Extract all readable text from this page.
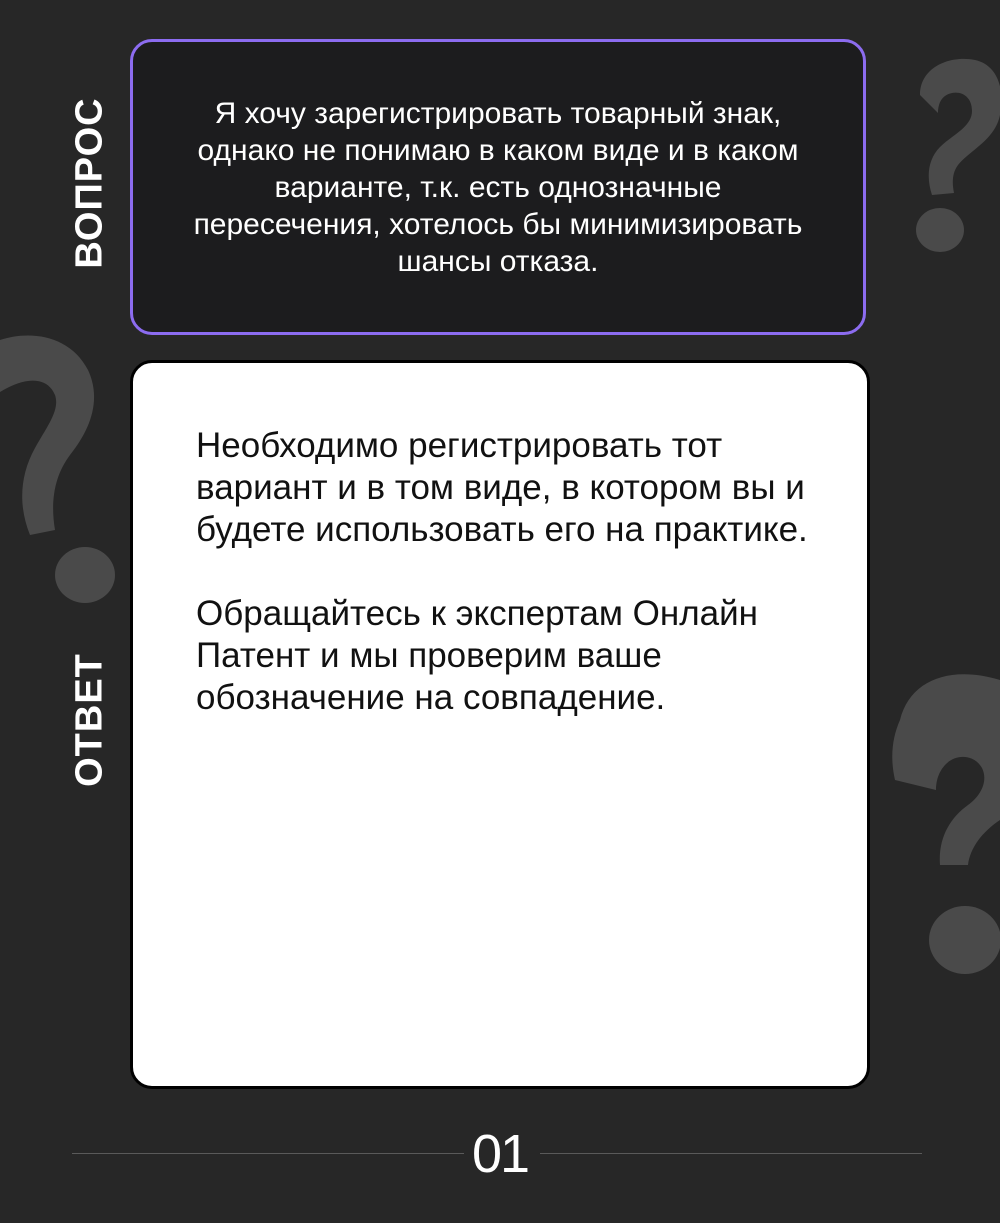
ВОПРОС
ОТВЕТ
Я хочу зарегистрировать товарный знак, однако не понимаю в каком виде и в каком варианте, т.к. есть однозначные пересечения, хотелось бы минимизировать шансы отказа.

Необходимо регистрировать тот вариант и в том виде, в котором вы и будете использовать его на практике.

Обращайтесь к экспертам Онлайн Патент и мы проверим ваше обозначение на совпадение.

01
